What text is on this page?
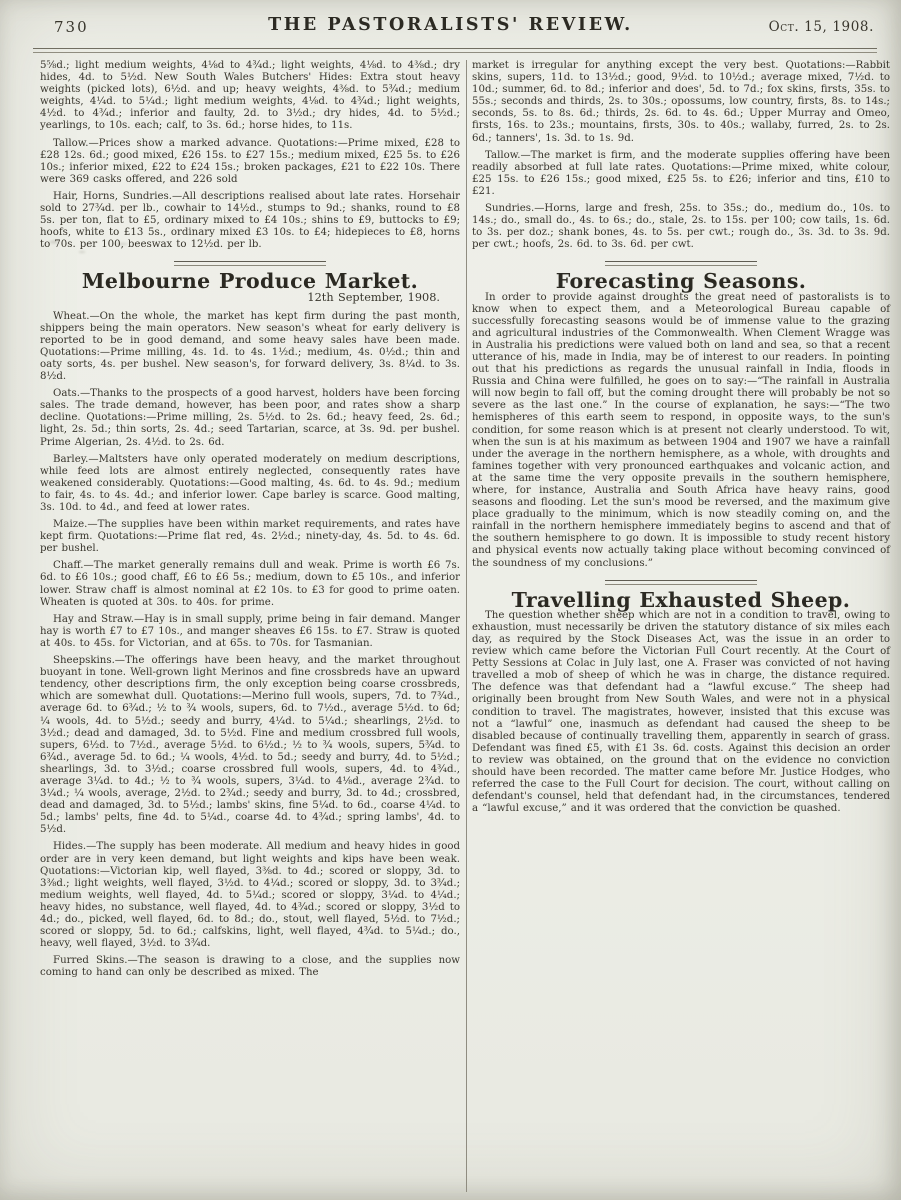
730	THE PASTORALISTS' REVIEW.	Oct. 15, 1908.

5⅝d.; light medium weights, 4⅛d to 4¾d.; light weights, 4⅛d. to 4⅜d.; dry hides, 4d. to 5½d. New South Wales Butchers' Hides: Extra stout heavy weights (picked lots), 6½d. and up; heavy weights, 4⅜d. to 5¾d.; medium weights, 4¼d. to 5¼d.; light medium weights, 4⅛d. to 4¾d.; light weights, 4½d. to 4¾d.; inferior and faulty, 2d. to 3½d.; dry hides, 4d. to 5½d.; yearlings, to 10s. each; calf, to 3s. 6d.; horse hides, to 11s.

Tallow.—Prices show a marked advance. Quotations:—Prime mixed, £28 to £28 12s. 6d.; good mixed, £26 15s. to £27 15s.; medium mixed, £25 5s. to £26 10s.; inferior mixed, £22 to £24 15s.; broken packages, £21 to £22 10s. There were 369 casks offered, and 226 sold

Hair, Horns, Sundries.—All descriptions realised about late rates. Horsehair sold to 27¾d. per lb., cowhair to 14½d., stumps to 9d.; shanks, round to £8 5s. per ton, flat to £5, ordinary mixed to £4 10s.; shins to £9, buttocks to £9; hoofs, white to £13 5s., ordinary mixed £3 10s. to £4; hidepieces to £8, horns to 70s. per 100, beeswax to 12½d. per lb.

Melbourne Produce Market.
12th September, 1908.

Wheat.—On the whole, the market has kept firm during the past month, shippers being the main operators. New season's wheat for early delivery is reported to be in good demand, and some heavy sales have been made. Quotations:—Prime milling, 4s. 1d. to 4s. 1½d.; medium, 4s. 0½d.; thin and oaty sorts, 4s. per bushel. New season's, for forward delivery, 3s. 8¼d. to 3s. 8½d.

Oats.—Thanks to the prospects of a good harvest, holders have been forcing sales. The trade demand, however, has been poor, and rates show a sharp decline. Quotations:—Prime milling, 2s. 5½d. to 2s. 6d.; heavy feed, 2s. 6d.; light, 2s. 5d.; thin sorts, 2s. 4d.; seed Tartarian, scarce, at 3s. 9d. per bushel. Prime Algerian, 2s. 4½d. to 2s. 6d.

Barley.—Maltsters have only operated moderately on medium descriptions, while feed lots are almost entirely neglected, consequently rates have weakened considerably. Quotations:—Good malting, 4s. 6d. to 4s. 9d.; medium to fair, 4s. to 4s. 4d.; and inferior lower. Cape barley is scarce. Good malting, 3s. 10d. to 4d., and feed at lower rates.

Maize.—The supplies have been within market requirements, and rates have kept firm. Quotations:—Prime flat red, 4s. 2½d.; ninety-day, 4s. 5d. to 4s. 6d. per bushel.

Chaff.—The market generally remains dull and weak. Prime is worth £6 7s. 6d. to £6 10s.; good chaff, £6 to £6 5s.; medium, down to £5 10s., and inferior lower. Straw chaff is almost nominal at £2 10s. to £3 for good to prime oaten. Wheaten is quoted at 30s. to 40s. for prime.

Hay and Straw.—Hay is in small supply, prime being in fair demand. Manger hay is worth £7 to £7 10s., and manger sheaves £6 15s. to £7. Straw is quoted at 40s. to 45s. for Victorian, and at 65s. to 70s. for Tasmanian.

Sheepskins.—The offerings have been heavy, and the market throughout buoyant in tone. Well-grown light Merinos and fine crossbreds have an upward tendency, other descriptions firm, the only exception being coarse crossbreds, which are somewhat dull. Quotations:—Merino full wools, supers, 7d. to 7¾d., average 6d. to 6¾d.; ½ to ¾ wools, supers, 6d. to 7½d., average 5½d. to 6d; ¼ wools, 4d. to 5½d.; seedy and burry, 4¼d. to 5¼d.; shearlings, 2½d. to 3½d.; dead and damaged, 3d. to 5½d. Fine and medium crossbred full wools, supers, 6½d. to 7½d., average 5½d. to 6½d.; ½ to ¾ wools, supers, 5¾d. to 6¾d., average 5d. to 6d.; ¼ wools, 4½d. to 5d.; seedy and burry, 4d. to 5½d.; shearlings, 3d. to 3½d.; coarse crossbred full wools, supers, 4d. to 4¾d., average 3¼d. to 4d.; ½ to ¾ wools, supers, 3¼d. to 4⅛d., average 2¾d. to 3¼d.; ¼ wools, average, 2½d. to 2¾d.; seedy and burry, 3d. to 4d.; crossbred, dead and damaged, 3d. to 5½d.; lambs' skins, fine 5¼d. to 6d., coarse 4¼d. to 5d.; lambs' pelts, fine 4d. to 5¼d., coarse 4d. to 4¾d.; spring lambs', 4d. to 5½d.

Hides.—The supply has been moderate. All medium and heavy hides in good order are in very keen demand, but light weights and kips have been weak. Quotations:—Victorian kip, well flayed, 3⅜d. to 4d.; scored or sloppy, 3d. to 3⅜d.; light weights, well flayed, 3½d. to 4¼d.; scored or sloppy, 3d. to 3¾d.; medium weights, well flayed, 4d. to 5¼d.; scored or sloppy, 3¼d. to 4¼d.; heavy hides, no substance, well flayed, 4d. to 4¾d.; scored or sloppy, 3½d to 4d.; do., picked, well flayed, 6d. to 8d.; do., stout, well flayed, 5½d. to 7½d.; scored or sloppy, 5d. to 6d.; calfskins, light, well flayed, 4¾d. to 5¼d.; do., heavy, well flayed, 3½d. to 3¾d.

Furred Skins.—The season is drawing to a close, and the supplies now coming to hand can only be described as mixed. The

market is irregular for anything except the very best. Quotations:—Rabbit skins, supers, 11d. to 13½d.; good, 9½d. to 10½d.; average mixed, 7½d. to 10d.; summer, 6d. to 8d.; inferior and does', 5d. to 7d.; fox skins, firsts, 35s. to 55s.; seconds and thirds, 2s. to 30s.; opossums, low country, firsts, 8s. to 14s.; seconds, 5s. to 8s. 6d.; thirds, 2s. 6d. to 4s. 6d.; Upper Murray and Omeo, firsts, 16s. to 23s.; mountains, firsts, 30s. to 40s.; wallaby, furred, 2s. to 2s. 6d.; tanners', 1s. 3d. to 1s. 9d.

Tallow.—The market is firm, and the moderate supplies offering have been readily absorbed at full late rates. Quotations:—Prime mixed, white colour, £25 15s. to £26 15s.; good mixed, £25 5s. to £26; inferior and tins, £10 to £21.

Sundries.—Horns, large and fresh, 25s. to 35s.; do., medium do., 10s. to 14s.; do., small do., 4s. to 6s.; do., stale, 2s. to 15s. per 100; cow tails, 1s. 6d. to 3s. per doz.; shank bones, 4s. to 5s. per cwt.; rough do., 3s. 3d. to 3s. 9d. per cwt.; hoofs, 2s. 6d. to 3s. 6d. per cwt.

Forecasting Seasons.

In order to provide against droughts the great need of pastoralists is to know when to expect them, and a Meteorological Bureau capable of successfully forecasting seasons would be of immense value to the grazing and agricultural industries of the Commonwealth. When Clement Wragge was in Australia his predictions were valued both on land and sea, so that a recent utterance of his, made in India, may be of interest to our readers. In pointing out that his predictions as regards the unusual rainfall in India, floods in Russia and China were fulfilled, he goes on to say:—“The rainfall in Australia will now begin to fall off, but the coming drought there will probably be not so severe as the last one.” In the course of explanation, he says:—“The two hemispheres of this earth seem to respond, in opposite ways, to the sun's condition, for some reason which is at present not clearly understood. To wit, when the sun is at his maximum as between 1904 and 1907 we have a rainfall under the average in the northern hemisphere, as a whole, with droughts and famines together with very pronounced earthquakes and volcanic action, and at the same time the very opposite prevails in the southern hemisphere, where, for instance, Australia and South Africa have heavy rains, good seasons and flooding. Let the sun's mood be reversed, and the maximum give place gradually to the minimum, which is now steadily coming on, and the rainfall in the northern hemisphere immediately begins to ascend and that of the southern hemisphere to go down. It is impossible to study recent history and physical events now actually taking place without becoming convinced of the soundness of my conclusions.”

Travelling Exhausted Sheep.

The question whether sheep which are not in a condition to travel, owing to exhaustion, must necessarily be driven the statutory distance of six miles each day, as required by the Stock Diseases Act, was the issue in an order to review which came before the Victorian Full Court recently. At the Court of Petty Sessions at Colac in July last, one A. Fraser was convicted of not having travelled a mob of sheep of which he was in charge, the distance required. The defence was that defendant had a “lawful excuse.” The sheep had originally been brought from New South Wales, and were not in a physical condition to travel. The magistrates, however, insisted that this excuse was not a “lawful” one, inasmuch as defendant had caused the sheep to be disabled because of continually travelling them, apparently in search of grass. Defendant was fined £5, with £1 3s. 6d. costs. Against this decision an order to review was obtained, on the ground that on the evidence no conviction should have been recorded. The matter came before Mr. Justice Hodges, who referred the case to the Full Court for decision. The court, without calling on defendant's counsel, held that defendant had, in the circumstances, tendered a “lawful excuse,” and it was ordered that the conviction be quashed.
